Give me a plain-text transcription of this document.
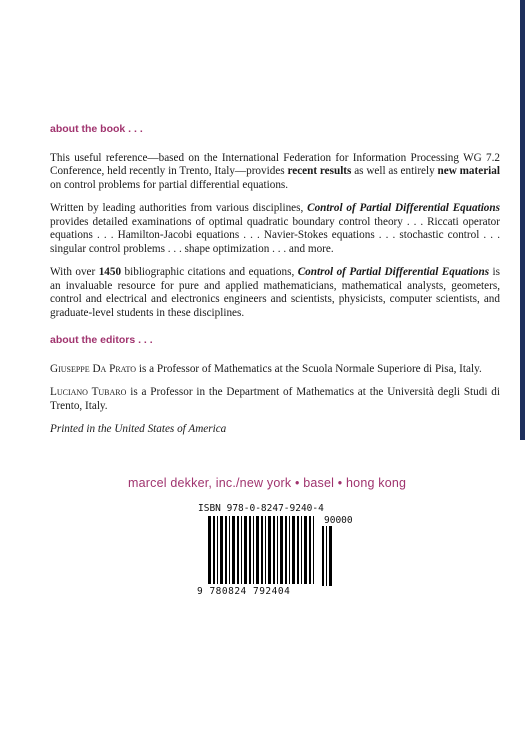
about the book . . .

This useful reference—based on the International Federation for Information Processing WG 7.2 Conference, held recently in Trento, Italy—provides recent results as well as entirely new material on control problems for partial differential equations.

Written by leading authorities from various disciplines, Control of Partial Differential Equations provides detailed examinations of optimal quadratic boundary control theory . . . Riccati operator equations . . . Hamilton-Jacobi equations . . . Navier-Stokes equations . . . stochastic control . . . singular control problems . . . shape optimization . . . and more.

With over 1450 bibliographic citations and equations, Control of Partial Differential Equations is an invaluable resource for pure and applied mathematicians, mathematical analysts, geometers, control and electrical and electronics engineers and scientists, physicists, computer scientists, and graduate-level students in these disciplines.

about the editors . . .

Giuseppe Da Prato is a Professor of Mathematics at the Scuola Normale Superiore di Pisa, Italy.

Luciano Tubaro is a Professor in the Department of Mathematics at the Università degli Studi di Trento, Italy.

Printed in the United States of America

marcel dekker, inc./new york • basel • hong kong
ISBN 978-0-8247-9240-4
90000
9 780824 792404
